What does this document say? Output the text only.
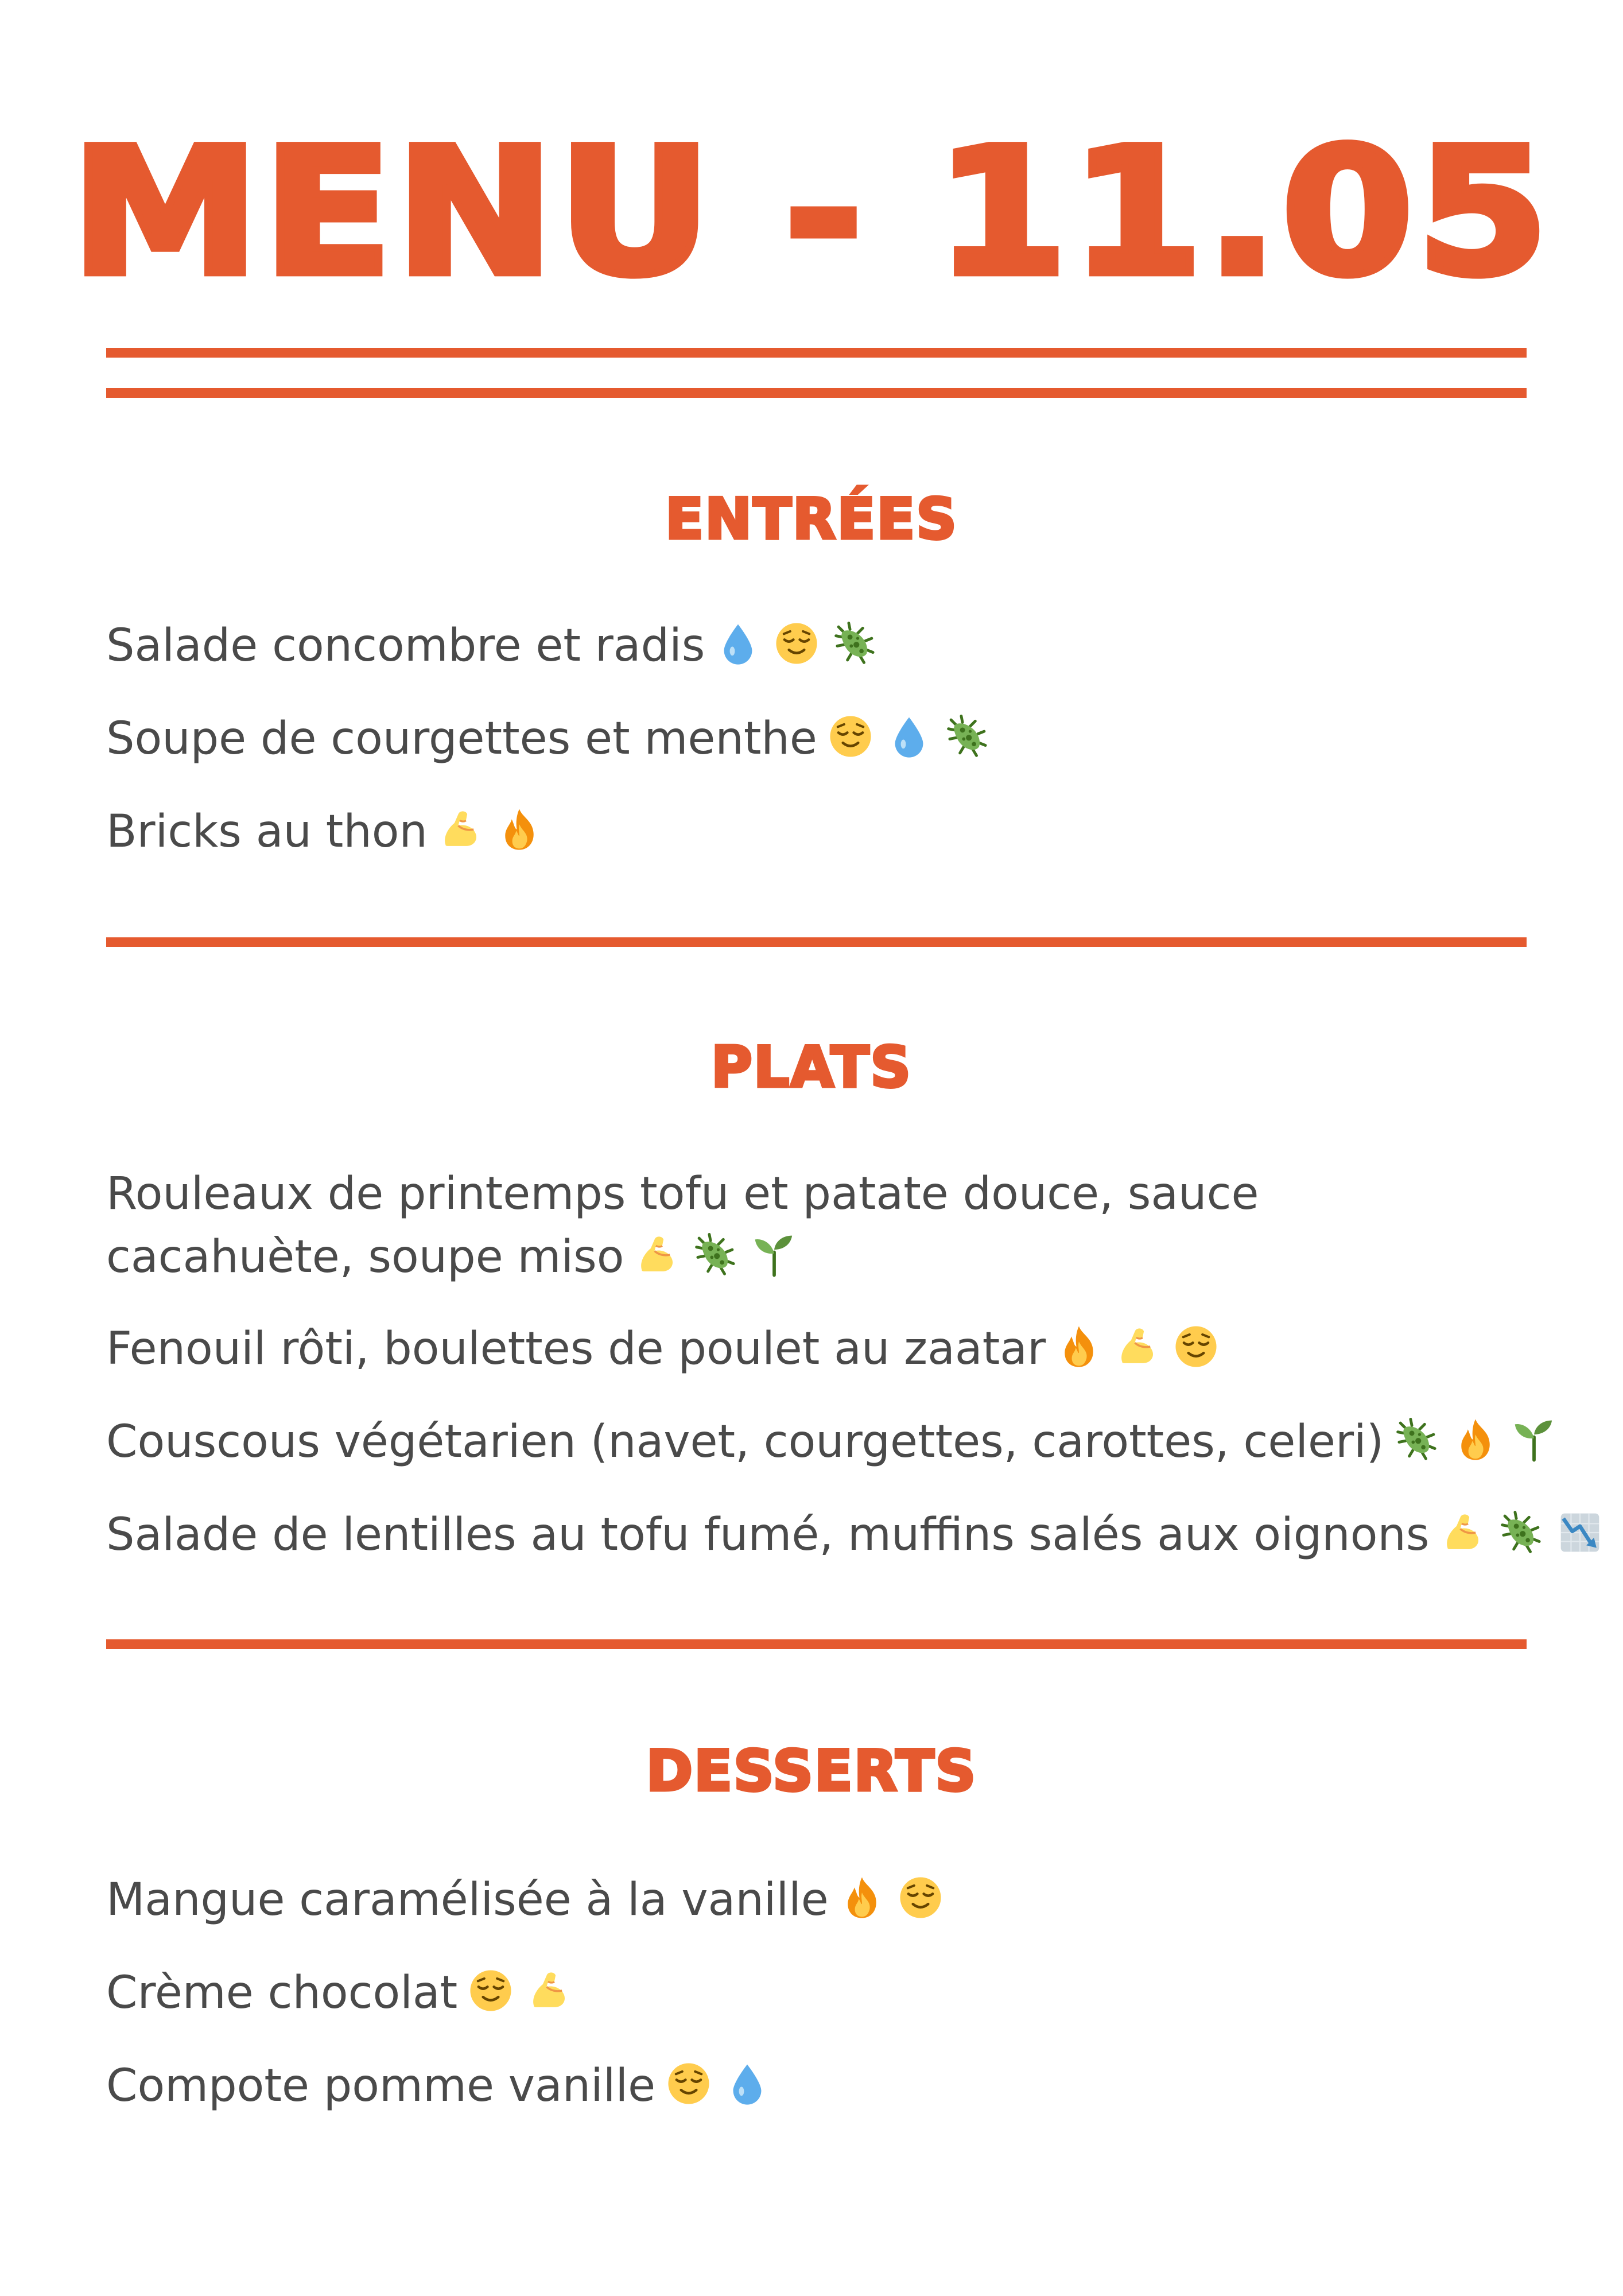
MENU - 11.05
ENTRÉES
Salade concombre et radis
Soupe de courgettes et menthe
Bricks au thon
PLATS
Rouleaux de printemps tofu et patate douce, sauce cacahuète, soupe miso
Fenouil rôti, boulettes de poulet au zaatar
Couscous végétarien (navet, courgettes, carottes, celeri)
Salade de lentilles au tofu fumé, muffins salés aux oignons
DESSERTS
Mangue caramélisée à la vanille
Crème chocolat
Compote pomme vanille
